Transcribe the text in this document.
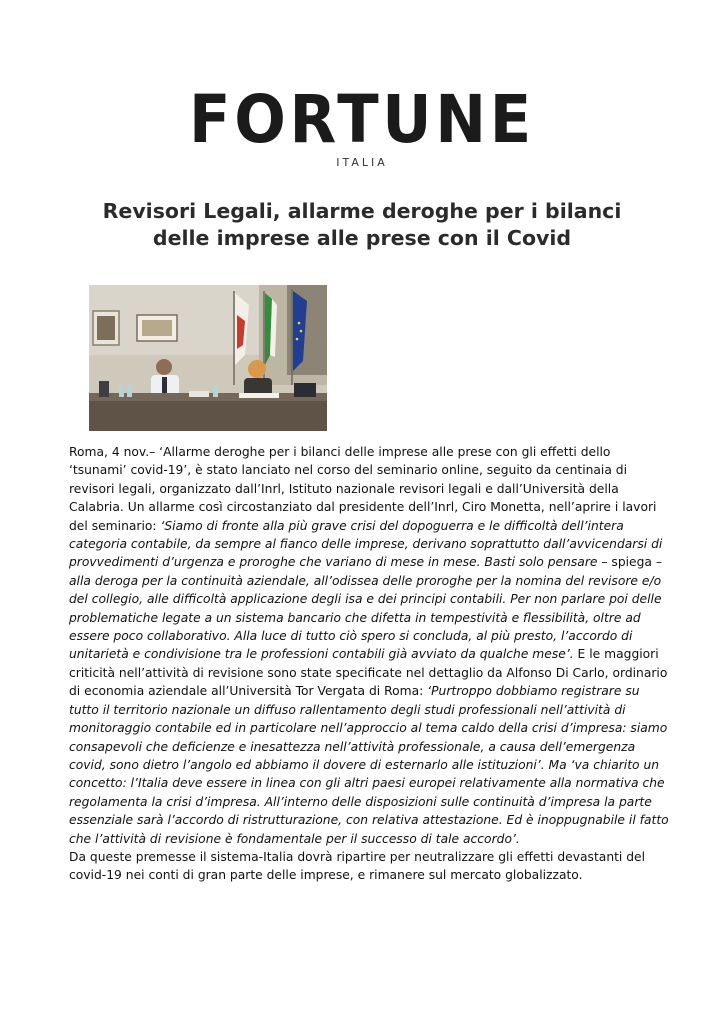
FORTUNE
ITALIA
Revisori Legali, allarme deroghe per i bilanci
delle imprese alle prese con il Covid

Roma, 4 nov.– ‘Allarme deroghe per i bilanci delle imprese alle prese con gli effetti dello ‘tsunami’ covid-19’, è stato lanciato nel corso del seminario online, seguito da centinaia di revisori legali, organizzato dall’Inrl, Istituto nazionale revisori legali e dall’Università della Calabria. Un allarme così circostanziato dal presidente dell’Inrl, Ciro Monetta, nell’aprire i lavori del seminario: ‘Siamo di fronte alla più grave crisi del dopoguerra e le difficoltà dell’intera categoria contabile, da sempre al fianco delle imprese, derivano soprattutto dall’avvicendarsi di provvedimenti d’urgenza e proroghe che variano di mese in mese. Basti solo pensare – spiega – alla deroga per la continuità aziendale, all’odissea delle proroghe per la nomina del revisore e/o del collegio, alle difficoltà applicazione degli isa e dei principi contabili. Per non parlare poi delle problematiche legate a un sistema bancario che difetta in tempestività e flessibilità, oltre ad essere poco collaborativo. Alla luce di tutto ciò spero si concluda, al più presto, l’accordo di unitarietà e condivisione tra le professioni contabili già avviato da qualche mese’. E le maggiori criticità nell’attività di revisione sono state specificate nel dettaglio da Alfonso Di Carlo, ordinario di economia aziendale all’Università Tor Vergata di Roma: ‘Purtroppo dobbiamo registrare su tutto il territorio nazionale un diffuso rallentamento degli studi professionali nell’attività di monitoraggio contabile ed in particolare nell’approccio al tema caldo della crisi d’impresa: siamo consapevoli che deficienze e inesattezza nell’attività professionale, a causa dell’emergenza covid, sono dietro l’angolo ed abbiamo il dovere di esternarlo alle istituzioni’. Ma ‘va chiarito un concetto: l’Italia deve essere in linea con gli altri paesi europei relativamente alla normativa che regolamenta la crisi d’impresa. All’interno delle disposizioni sulle continuità d’impresa la parte essenziale sarà l’accordo di ristrutturazione, con relativa attestazione. Ed è inoppugnabile il fatto che l’attività di revisione è fondamentale per il successo di tale accordo’.
Da queste premesse il sistema-Italia dovrà ripartire per neutralizzare gli effetti devastanti del covid-19 nei conti di gran parte delle imprese, e rimanere sul mercato globalizzato.
